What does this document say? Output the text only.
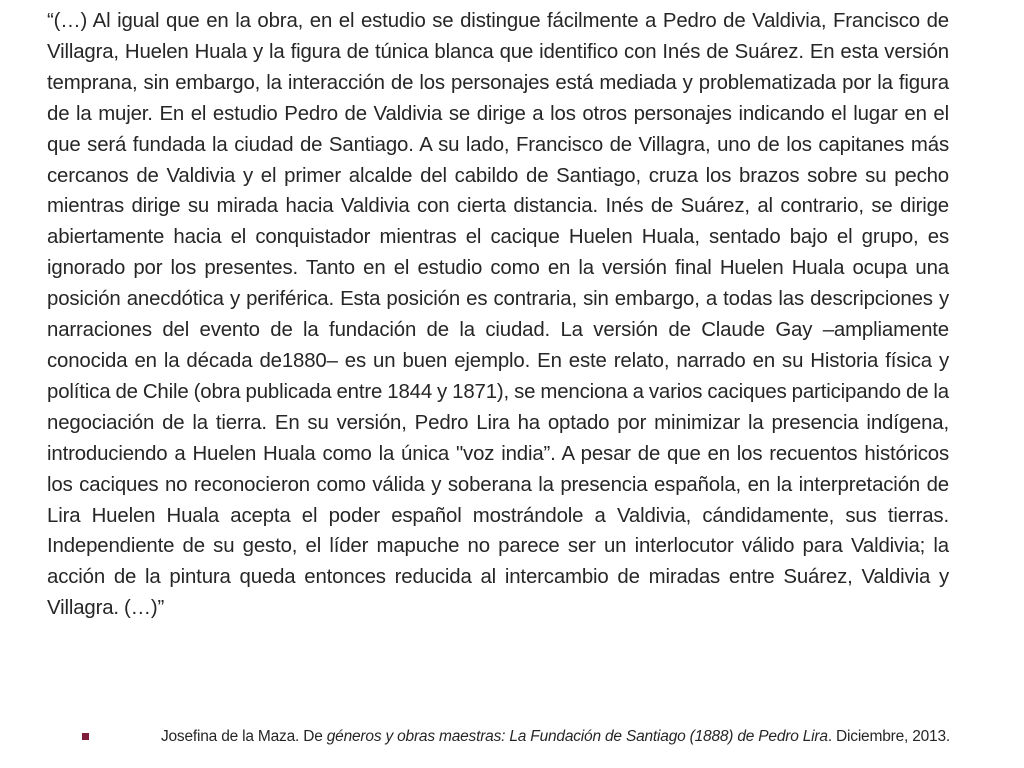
“(…) Al igual que en la obra, en el estudio se distingue fácilmente a Pedro de Valdivia, Francisco de Villagra, Huelen Huala y la figura de túnica blanca que identifico con Inés de Suárez. En esta versión temprana, sin embargo, la interacción de los personajes está mediada y problematizada por la figura de la mujer. En el estudio Pedro de Valdivia se dirige a los otros personajes indicando el lugar en el que será fundada la ciudad de Santiago. A su lado, Francisco de Villagra, uno de los capitanes más cercanos de Valdivia y el primer alcalde del cabildo de Santiago, cruza los brazos sobre su pecho mientras dirige su mirada hacia Valdivia con cierta distancia. Inés de Suárez, al contrario, se dirige abiertamente hacia el conquistador mientras el cacique Huelen Huala, sentado bajo el grupo, es ignorado por los presentes. Tanto en el estudio como en la versión final Huelen Huala ocupa una posición anecdótica y periférica. Esta posición es contraria, sin embargo, a todas las descripciones y narraciones del evento de la fundación de la ciudad. La versión de Claude Gay –ampliamente conocida en la década de1880– es un buen ejemplo. En este relato, narrado en su Historia física y política de Chile (obra publicada entre 1844 y 1871), se menciona a varios caciques participando de la negociación de la tierra. En su versión, Pedro Lira ha optado por minimizar la presencia indígena, introduciendo a Huelen Huala como la única "voz india”. A pesar de que en los recuentos históricos los caciques no reconocieron como válida y soberana la presencia española, en la interpretación de Lira Huelen Huala acepta el poder español mostrándole a Valdivia, cándidamente, sus tierras. Independiente de su gesto, el líder mapuche no parece ser un interlocutor válido para Valdivia; la acción de la pintura queda entonces reducida al intercambio de miradas entre Suárez, Valdivia y Villagra. (…)”

Josefina de la Maza. De géneros y obras maestras: La Fundación de Santiago (1888) de Pedro Lira. Diciembre, 2013.
